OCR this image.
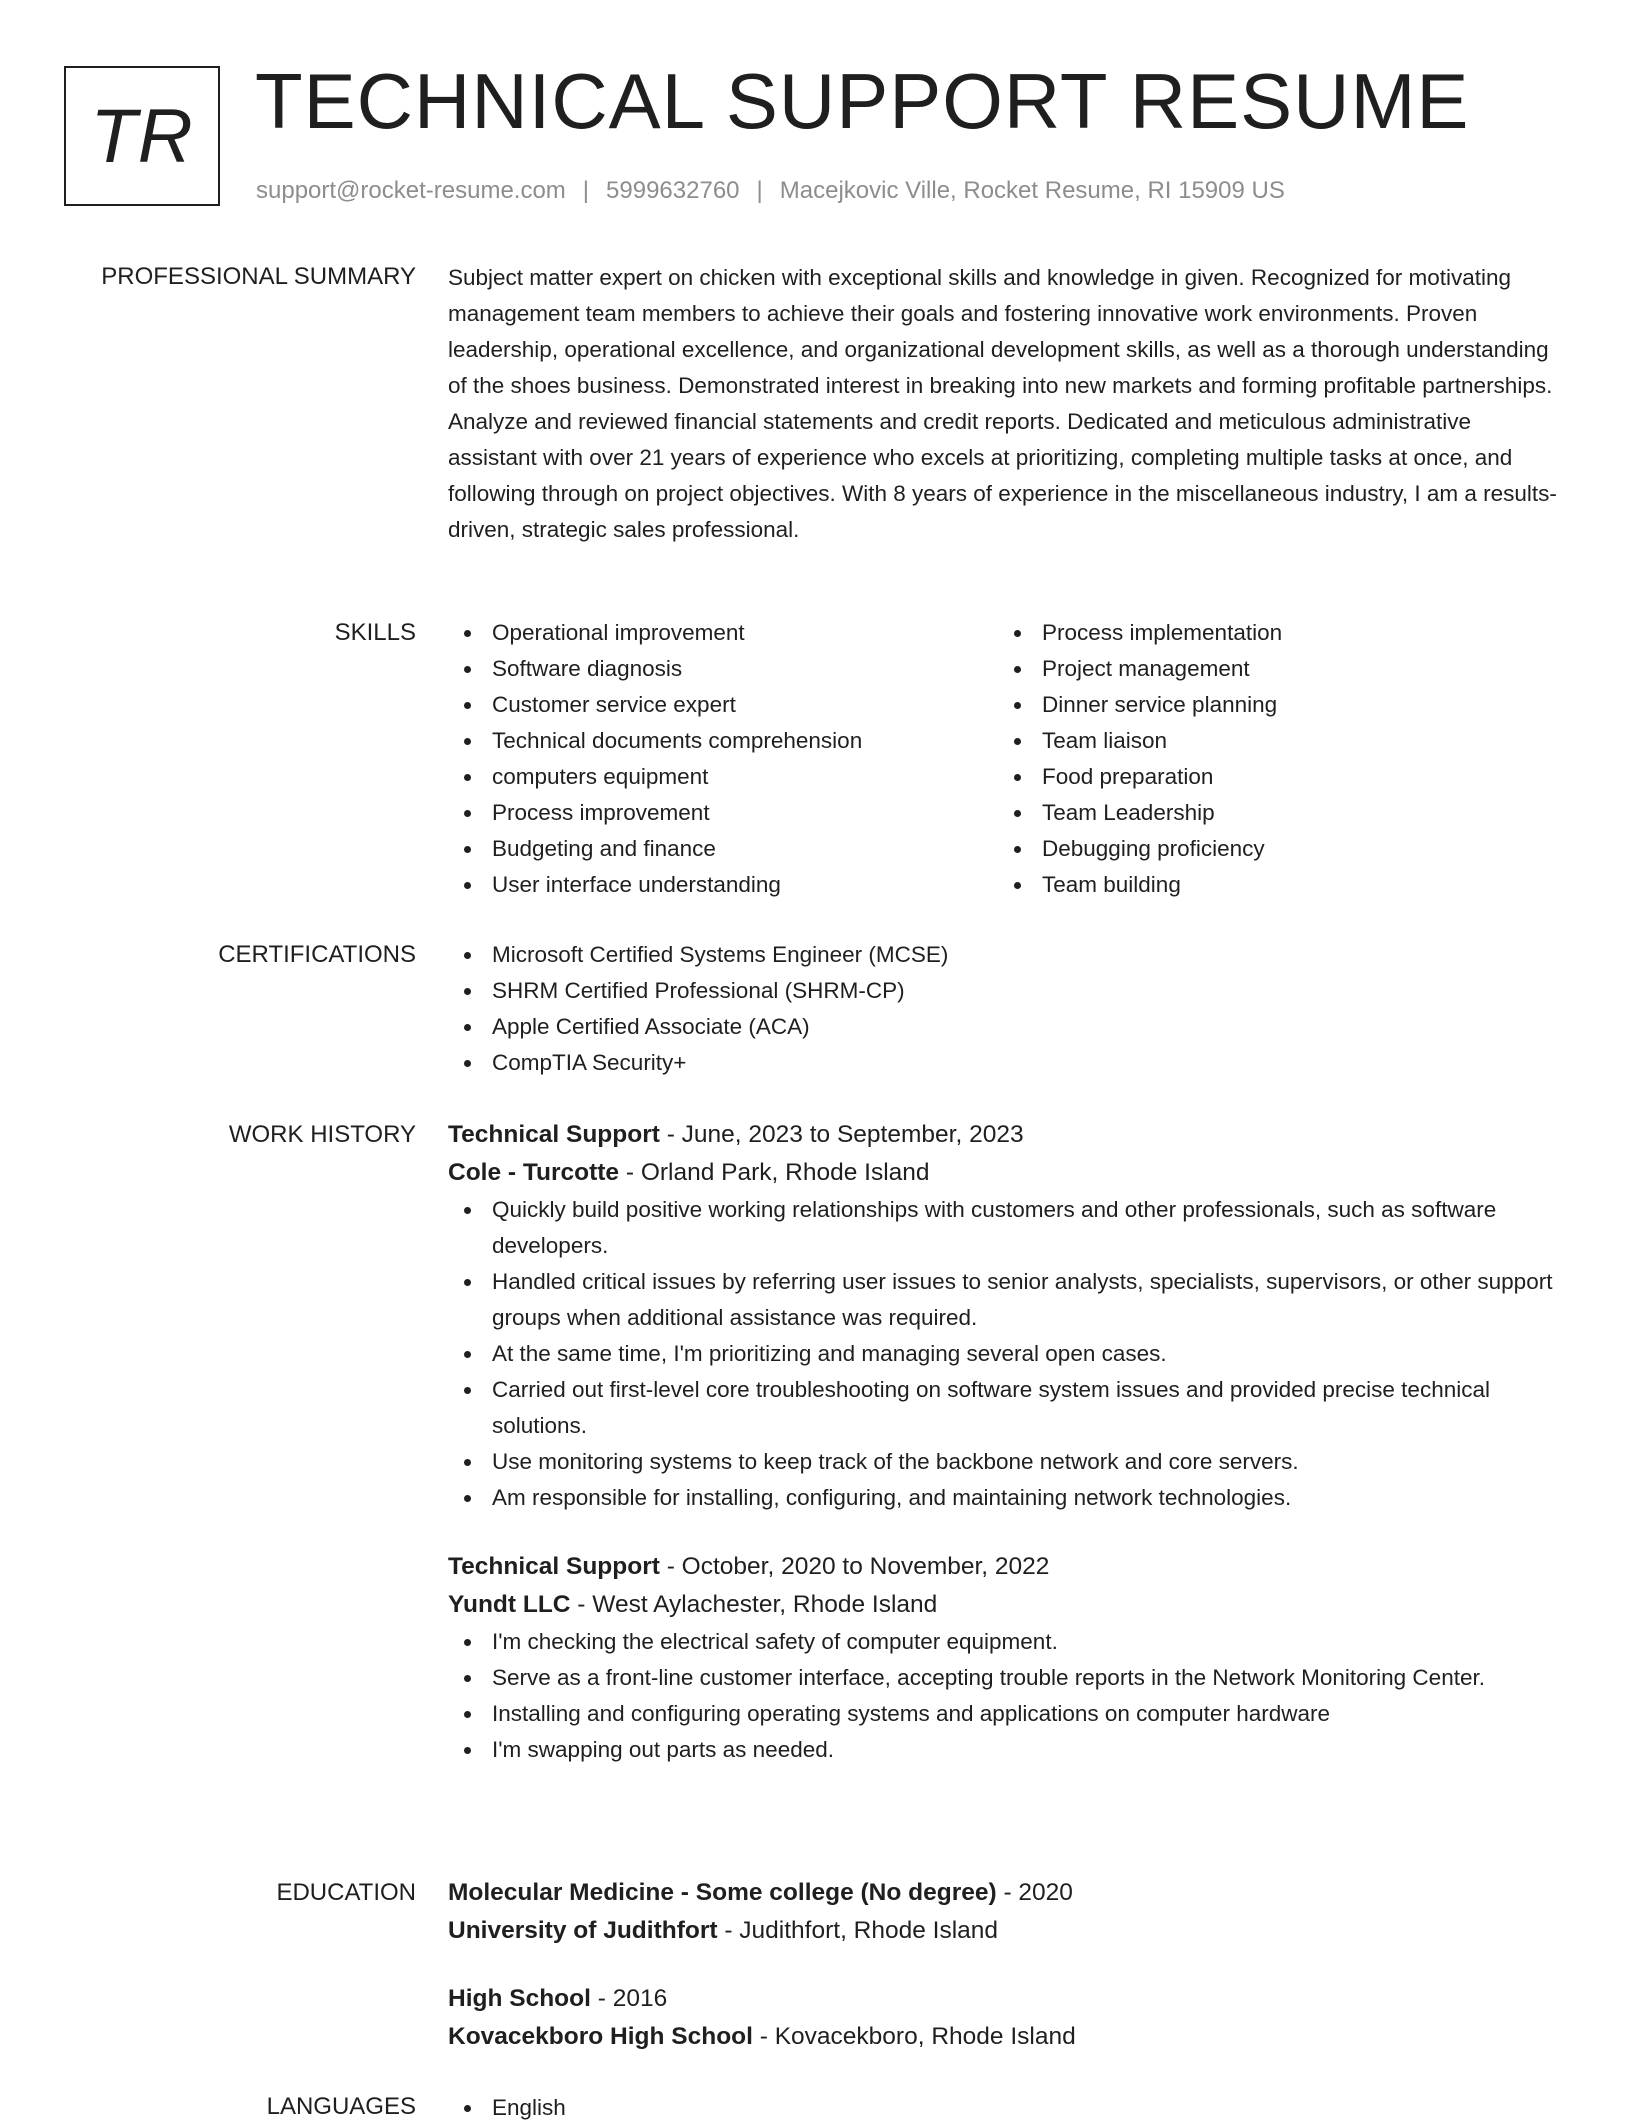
TR TECHNICAL SUPPORT RESUME
support@rocket-resume.com | 5999632760 | Macejkovic Ville, Rocket Resume, RI 15909 US
PROFESSIONAL SUMMARY Subject matter expert on chicken with exceptional skills and knowledge in given. Recognized for motivating management team members to achieve their goals and fostering innovative work environments. Proven leadership, operational excellence, and organizational development skills, as well as a thorough understanding of the shoes business. Demonstrated interest in breaking into new markets and forming profitable partnerships. Analyze and reviewed financial statements and credit reports. Dedicated and meticulous administrative assistant with over 21 years of experience who excels at prioritizing, completing multiple tasks at once, and following through on project objectives. With 8 years of experience in the miscellaneous industry, I am a results-driven, strategic sales professional.

SKILLS	Operational improvement
Software diagnosis
Customer service expert
Technical documents comprehension
computers equipment
Process improvement
Budgeting and finance
User interface understanding
Process implementation
Project management
Dinner service planning
Team liaison
Food preparation
Team Leadership
Debugging proficiency
Team building
CERTIFICATIONS	Microsoft Certified Systems Engineer (MCSE)
SHRM Certified Professional (SHRM-CP)
Apple Certified Associate (ACA)
CompTIA Security+
WORK HISTORY Technical Support - June, 2023 to September, 2023
Cole - Turcotte - Orland Park, Rhode Island
Quickly build positive working relationships with customers and other professionals, such as software developers.
Handled critical issues by referring user issues to senior analysts, specialists, supervisors, or other support groups when additional assistance was required.
At the same time, I'm prioritizing and managing several open cases.
Carried out first-level core troubleshooting on software system issues and provided precise technical solutions.
Use monitoring systems to keep track of the backbone network and core servers.
Am responsible for installing, configuring, and maintaining network technologies.
Technical Support - October, 2020 to November, 2022
Yundt LLC - West Aylachester, Rhode Island
I'm checking the electrical safety of computer equipment.
Serve as a front-line customer interface, accepting trouble reports in the Network Monitoring Center.
Installing and configuring operating systems and applications on computer hardware
I'm swapping out parts as needed.
EDUCATION Molecular Medicine - Some college (No degree) - 2020
University of Judithfort - Judithfort, Rhode Island
High School - 2016
Kovacekboro High School - Kovacekboro, Rhode Island
LANGUAGES	English
